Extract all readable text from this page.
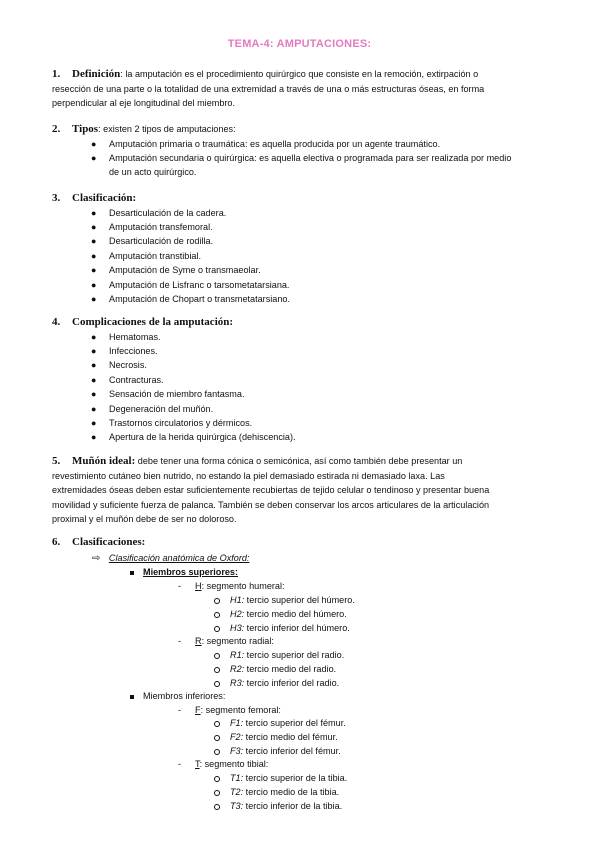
TEMA-4: AMPUTACIONES:
1.	Definición: la amputación es el procedimiento quirúrgico que consiste en la remoción, extirpación o
resección de una parte o la totalidad de una extremidad a través de una o más estructuras óseas, en forma
perpendicular al eje longitudinal del miembro.
2.	Tipos: existen 2 tipos de amputaciones:
● Amputación primaria o traumática: es aquella producida por un agente traumático.
● Amputación secundaria o quirúrgica: es aquella electiva o programada para ser realizada por medio
de un acto quirúrgico.
3.	Clasificación:
● Desarticulación de la cadera.
● Amputación transfemoral.
● Desarticulación de rodilla.
● Amputación transtibial.
● Amputación de Syme o transmaeolar.
● Amputación de Lisfranc o tarsometatarsiana.
● Amputación de Chopart o transmetatarsiano.
4.	Complicaciones de la amputación:
● Hematomas.
● Infecciones.
● Necrosis.
● Contracturas.
● Sensación de miembro fantasma.
● Degeneración del muñón.
● Trastornos circulatorios y dérmicos.
● Apertura de la herida quirúrgica (dehiscencia).
5.	Muñón ideal: debe tener una forma cónica o semicónica, así como también debe presentar un
revestimiento cutáneo bien nutrido, no estando la piel demasiado estirada ni demasiado laxa. Las
extremidades óseas deben estar suficientemente recubiertas de tejido celular o tendinoso y presentar buena
movilidad y suficiente fuerza de palanca. También se deben conservar los arcos articulares de la articulación
proximal y el muñón debe de ser no doloroso.
6.	Clasificaciones:
⇨ Clasificación anatómica de Oxford:
Miembros superiores:
- H: segmento humeral:
H1: tercio superior del húmero.
H2: tercio medio del húmero.
H3: tercio inferior del húmero.
- R: segmento radial:
R1: tercio superior del radio.
R2: tercio medio del radio.
R3: tercio inferior del radio.
Miembros inferiores:
- F: segmento femoral:
F1: tercio superior del fémur.
F2: tercio medio del fémur.
F3: tercio inferior del fémur.
- T: segmento tibial:
T1: tercio superior de la tibia.
T2: tercio medio de la tibia.
T3: tercio inferior de la tibia.
